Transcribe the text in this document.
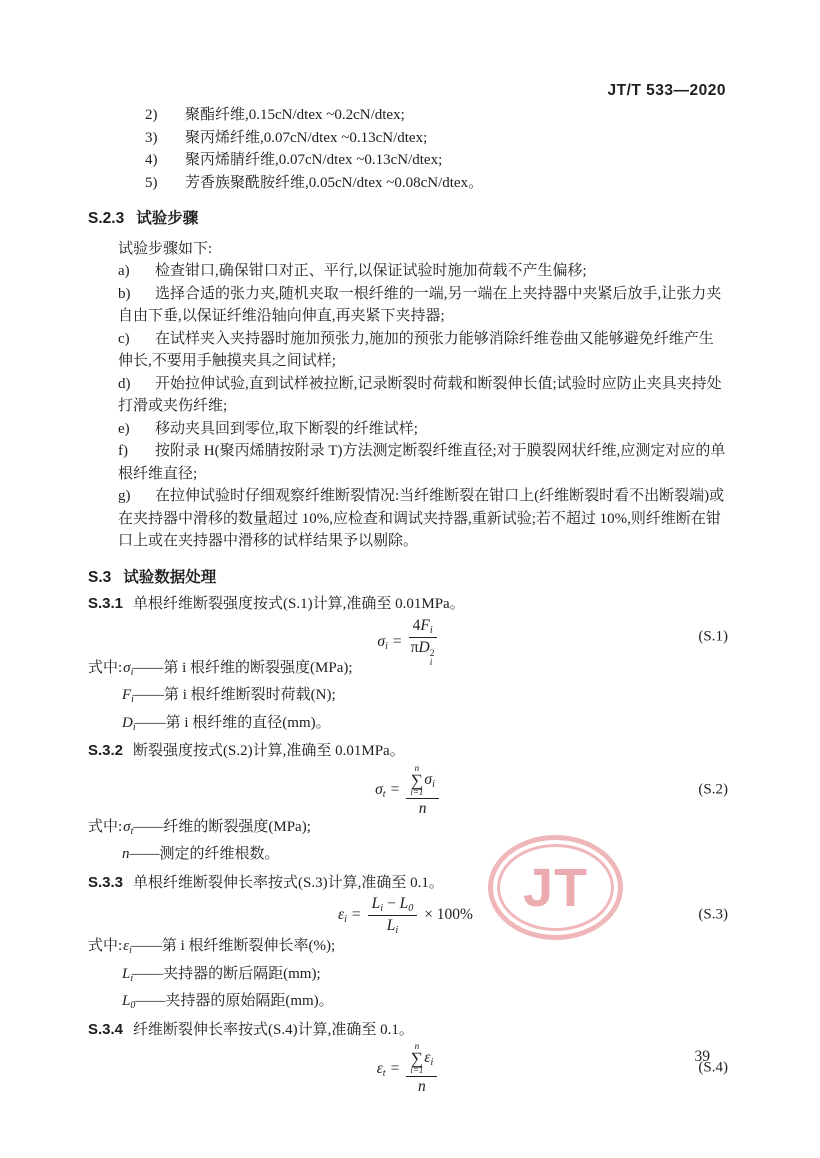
JT
JT/T 533—2020
2) 聚酯纤维,0.15cN/dtex ~0.2cN/dtex;
3) 聚丙烯纤维,0.07cN/dtex ~0.13cN/dtex;
4) 聚丙烯腈纤维,0.07cN/dtex ~0.13cN/dtex;
5) 芳香族聚酰胺纤维,0.05cN/dtex ~0.08cN/dtex。
S.2.3 试验步骤
试验步骤如下:
a) 检查钳口,确保钳口对正、平行,以保证试验时施加荷载不产生偏移;
b) 选择合适的张力夹,随机夹取一根纤维的一端,另一端在上夹持器中夹紧后放手,让张力夹自由下垂,以保证纤维沿轴向伸直,再夹紧下夹持器;
c) 在试样夹入夹持器时施加预张力,施加的预张力能够消除纤维卷曲又能够避免纤维产生伸长,不要用手触摸夹具之间试样;
d) 开始拉伸试验,直到试样被拉断,记录断裂时荷载和断裂伸长值;试验时应防止夹具夹持处打滑或夹伤纤维;
e) 移动夹具回到零位,取下断裂的纤维试样;
f) 按附录 H(聚丙烯腈按附录 T)方法测定断裂纤维直径;对于膜裂网状纤维,应测定对应的单根纤维直径;
g) 在拉伸试验时仔细观察纤维断裂情况:当纤维断裂在钳口上(纤维断裂时看不出断裂端)或在夹持器中滑移的数量超过 10%,应检查和调试夹持器,重新试验;若不超过 10%,则纤维断在钳口上或在夹持器中滑移的试样结果予以剔除。
S.3 试验数据处理
S.3.1 单根纤维断裂强度按式(S.1)计算,准确至 0.01MPa。
$\sigma_i = 4F_i$
πD 2
i	(S.1)
式中$:\sigma_i——$第 i 根纤维的断裂强度(MPa);
$F_i——$第 i 根纤维断裂时荷载(N);
$D_i——$第 i 根纤维的直径(mm)。
S.3.2 断裂强度按式(S.2)计算,准确至 0.01MPa。
$\sigma_t = n$
∑
i=1
$\sigma_i$
n	(S.2)
式中$:\sigma_t——$纤维的断裂强度(MPa);
n——测定的纤维根数。
S.3.3 单根纤维断裂伸长率按式(S.3)计算,准确至 0.1。
$\varepsilon_i = \frac{L_i - L_0}{L_i} \times 100\%$	(S.3)
式中$:\varepsilon_i——$第 i 根纤维断裂伸长率(%);
$L_i——$夹持器的断后隔距(mm);
$L_0——$夹持器的原始隔距(mm)。
S.3.4 纤维断裂伸长率按式(S.4)计算,准确至 0.1。
$\varepsilon_t = n$
∑
i=1
$\varepsilon_i$
n	(S.4)
39
